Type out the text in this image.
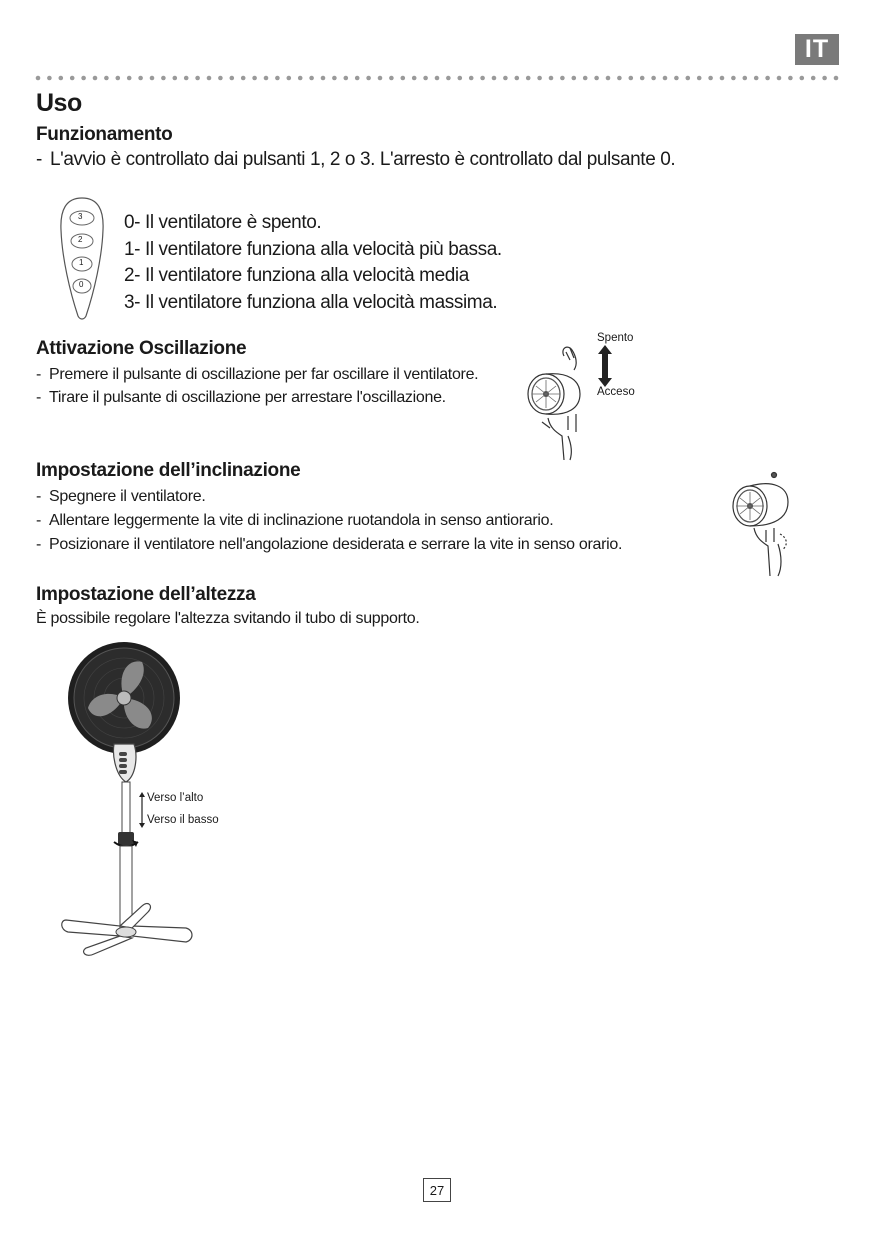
IT
Uso
Funzionamento
- L'avvio è controllato dai pulsanti 1, 2 o 3. L'arresto è controllato dal pulsante 0.
3
2
1
0
0- Il ventilatore è spento.
1- Il ventilatore funziona alla velocità più bassa.
2- Il ventilatore funziona alla velocità media
3- Il ventilatore funziona alla velocità massima.
Attivazione Oscillazione
- Premere il pulsante di oscillazione per far oscillare il ventilatore.
- Tirare il pulsante di oscillazione per arrestare l'oscillazione.
Spento
Acceso
Impostazione dell’inclinazione
- Spegnere il ventilatore.
- Allentare leggermente la vite di inclinazione ruotandola in senso antiorario.
- Posizionare il ventilatore nell'angolazione desiderata e serrare la vite in senso orario.
Impostazione dell’altezza
È possibile regolare l'altezza svitando il tubo di supporto.
Verso l’alto
Verso il basso
27
